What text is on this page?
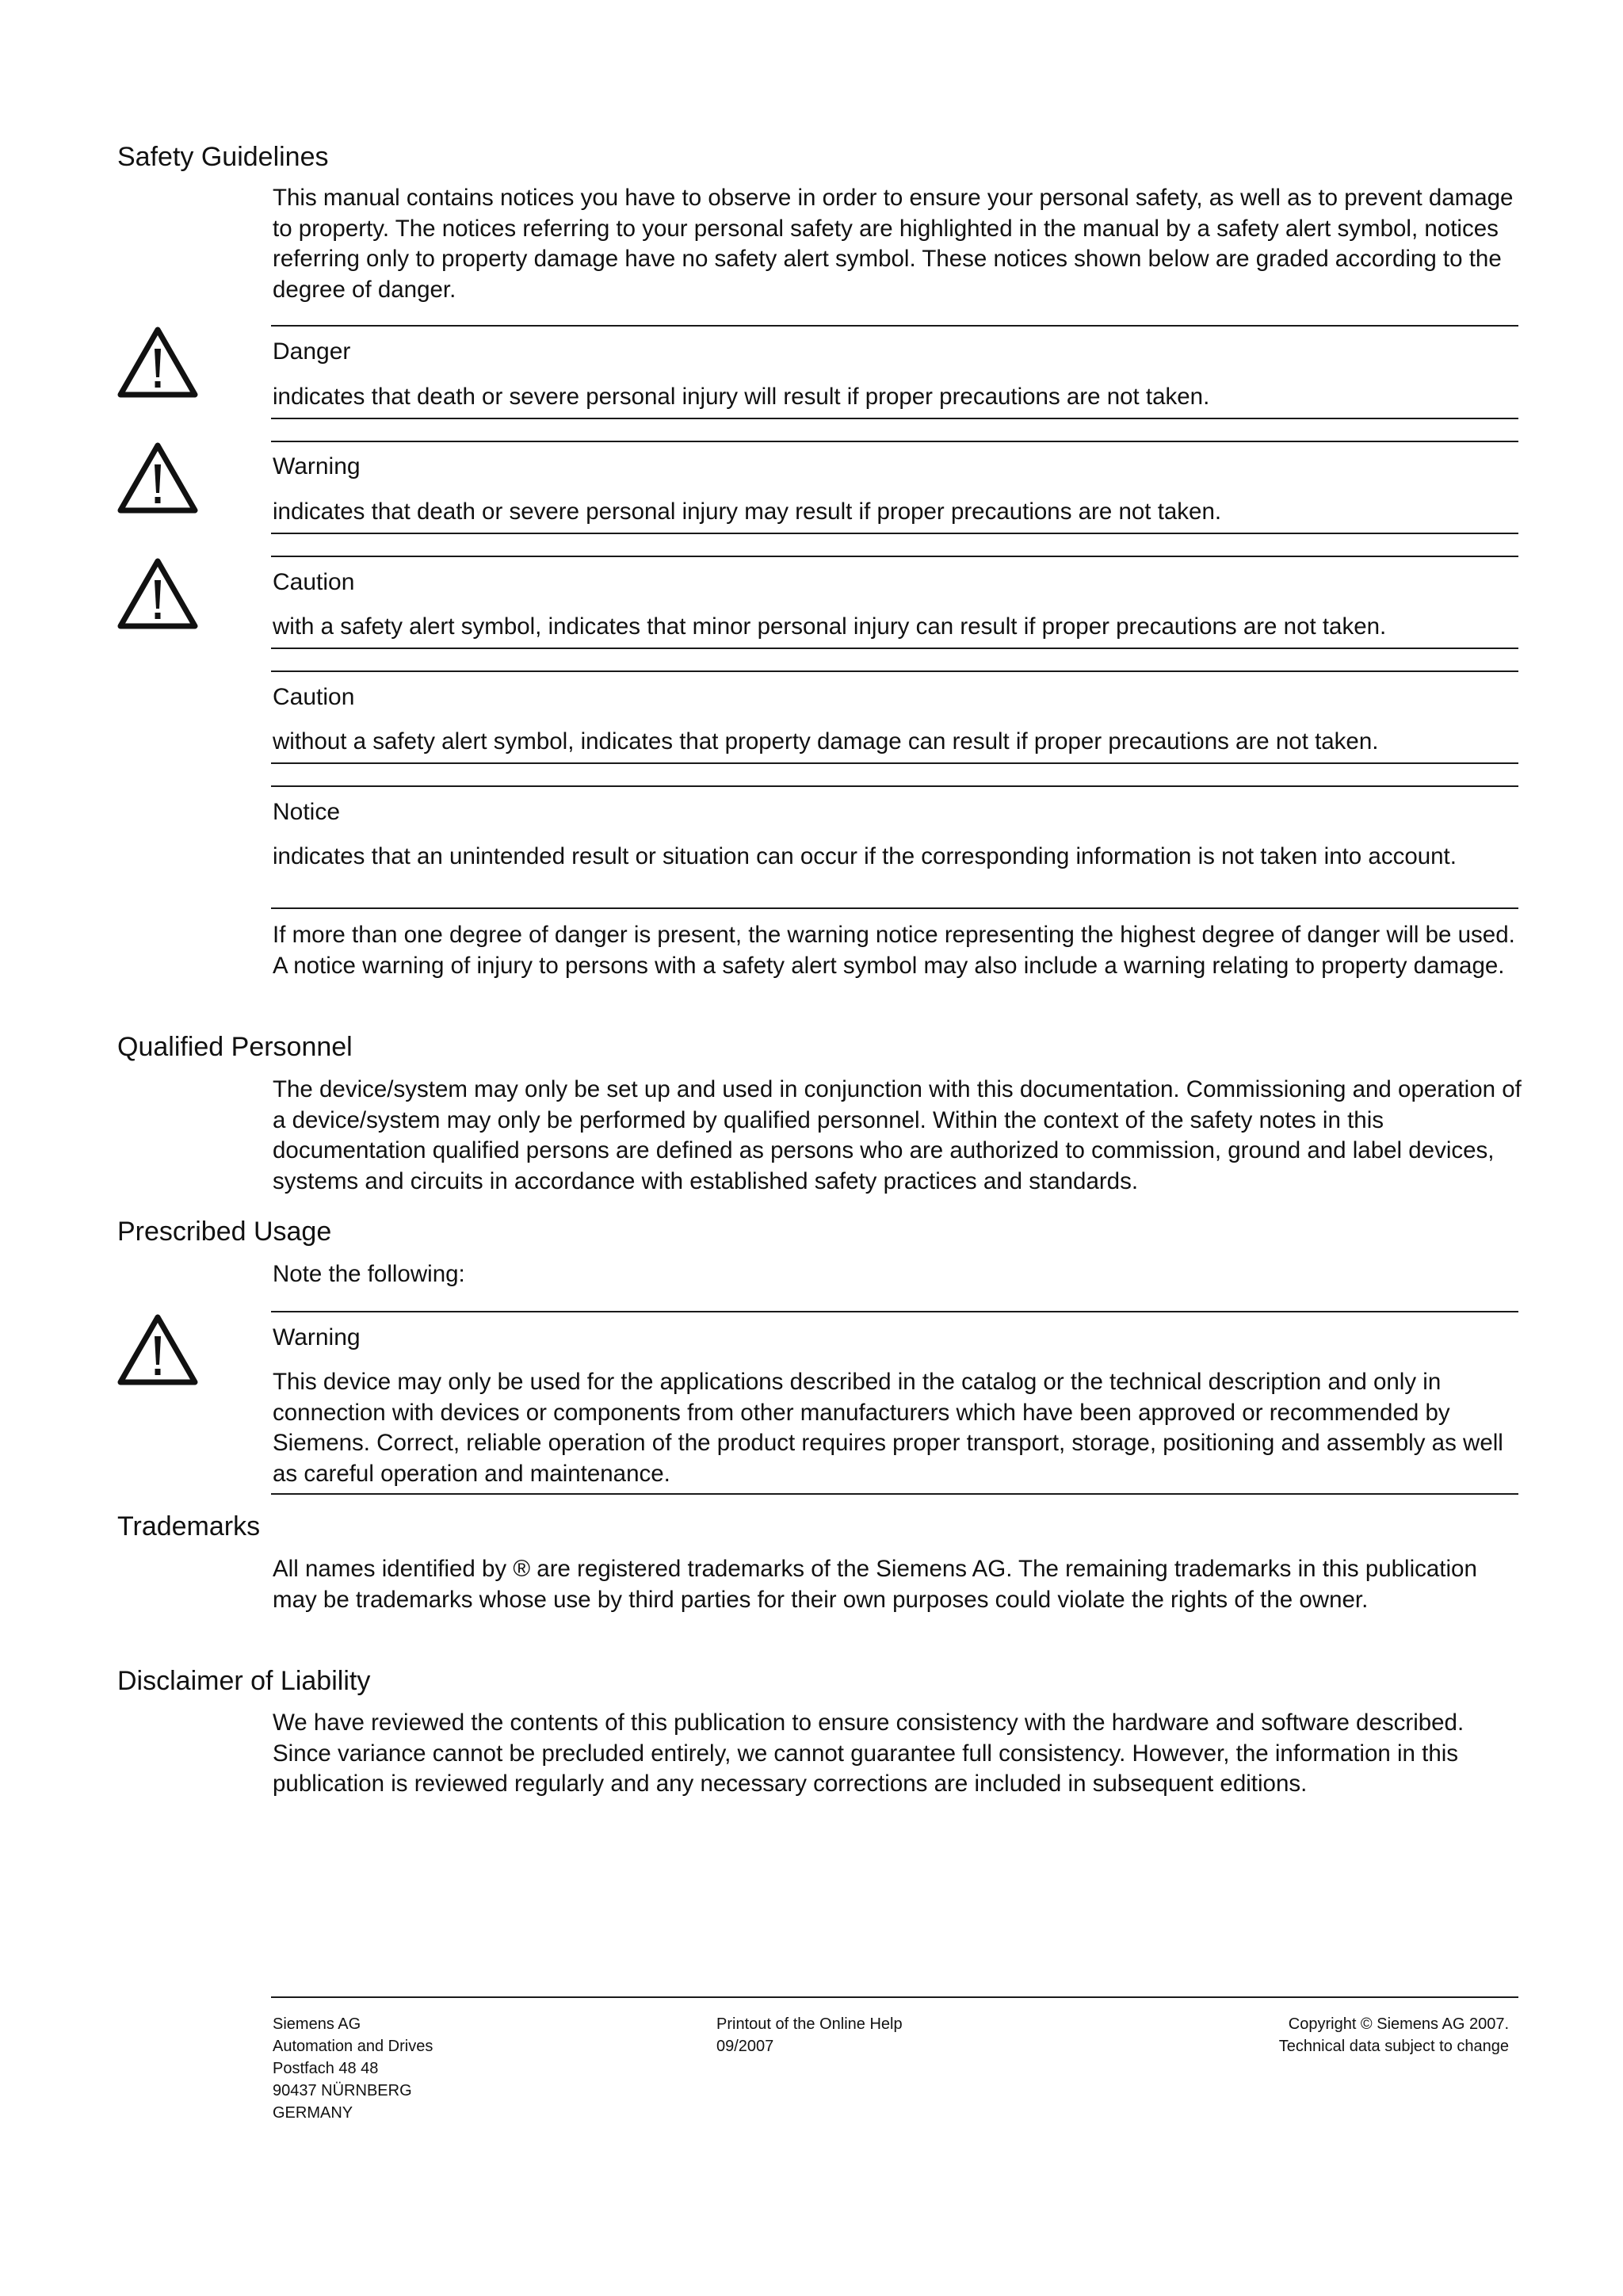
Safety Guidelines

This manual contains notices you have to observe in order to ensure your personal safety, as well as to prevent damage to property. The notices referring to your personal safety are highlighted in the manual by a safety alert symbol, notices referring only to property damage have no safety alert symbol. These notices shown below are graded according to the degree of danger.

Danger

indicates that death or severe personal injury will result if proper precautions are not taken.

Warning

indicates that death or severe personal injury may result if proper precautions are not taken.

Caution

with a safety alert symbol, indicates that minor personal injury can result if proper precautions are not taken.

Caution

without a safety alert symbol, indicates that property damage can result if proper precautions are not taken.

Notice

indicates that an unintended result or situation can occur if the corresponding information is not taken into account.

If more than one degree of danger is present, the warning notice representing the highest degree of danger will be used. A notice warning of injury to persons with a safety alert symbol may also include a warning relating to property damage.

Qualified Personnel

The device/system may only be set up and used in conjunction with this documentation. Commissioning and operation of a device/system may only be performed by qualified personnel. Within the context of the safety notes in this documentation qualified persons are defined as persons who are authorized to commission, ground and label devices, systems and circuits in accordance with established safety practices and standards.

Prescribed Usage

Note the following:

Warning

This device may only be used for the applications described in the catalog or the technical description and only in connection with devices or components from other manufacturers which have been approved or recommended by Siemens. Correct, reliable operation of the product requires proper transport, storage, positioning and assembly as well as careful operation and maintenance.

Trademarks

All names identified by ® are registered trademarks of the Siemens AG. The remaining trademarks in this publication may be trademarks whose use by third parties for their own purposes could violate the rights of the owner.

Disclaimer of Liability

We have reviewed the contents of this publication to ensure consistency with the hardware and software described. Since variance cannot be precluded entirely, we cannot guarantee full consistency. However, the information in this publication is reviewed regularly and any necessary corrections are included in subsequent editions.

Siemens AG
Automation and Drives
Postfach 48 48
90437 NÜRNBERG
GERMANY
Printout of the Online Help
09/2007
Copyright © Siemens AG 2007.
Technical data subject to change
